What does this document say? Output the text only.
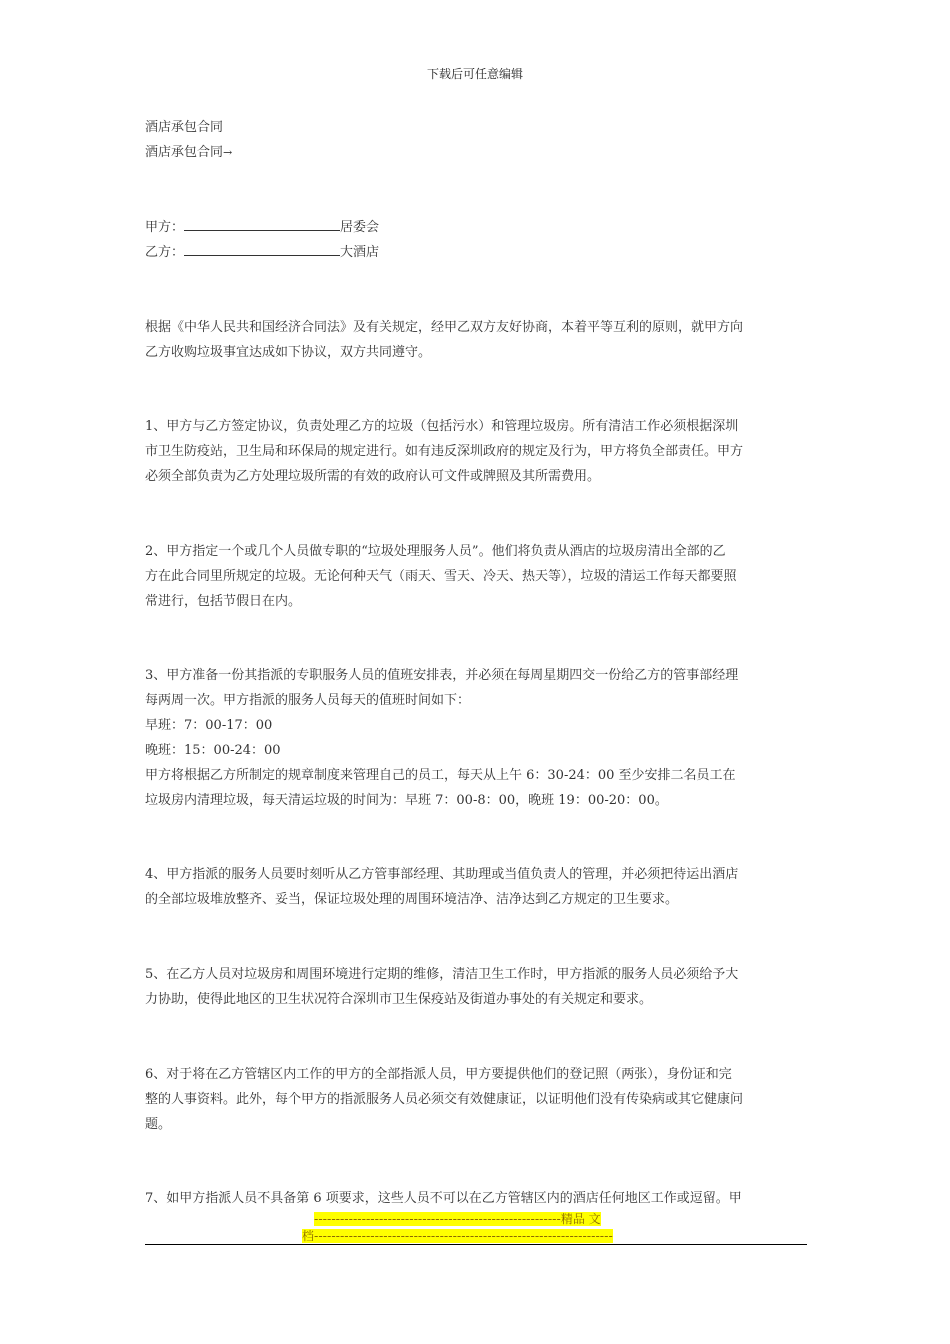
下载后可任意编辑
酒店承包合同
酒店承包合同→
甲方：	居委会
乙方：	大酒店
根据《中华人民共和国经济合同法》及有关规定，经甲乙双方友好协商，本着平等互利的原则，就甲方向
乙方收购垃圾事宜达成如下协议，双方共同遵守。
1、甲方与乙方签定协议，负责处理乙方的垃圾（包括污水）和管理垃圾房。所有清洁工作必须根据深圳
市卫生防疫站，卫生局和环保局的规定进行。如有违反深圳政府的规定及行为，甲方将负全部责任。甲方
必须全部负责为乙方处理垃圾所需的有效的政府认可文件或牌照及其所需费用。
2、甲方指定一个或几个人员做专职的“垃圾处理服务人员”。他们将负责从酒店的垃圾房清出全部的乙
方在此合同里所规定的垃圾。无论何种天气（雨天、雪天、冷天、热天等），垃圾的清运工作每天都要照
常进行，包括节假日在内。
3、甲方准备一份其指派的专职服务人员的值班安排表，并必须在每周星期四交一份给乙方的管事部经理
每两周一次。甲方指派的服务人员每天的值班时间如下：
早班：7：00-17：00
晚班：15：00-24：00
甲方将根据乙方所制定的规章制度来管理自己的员工，每天从上午 6：30-24：00 至少安排二名员工在
垃圾房内清理垃圾，每天清运垃圾的时间为：早班 7：00-8：00，晚班 19：00-20：00。
4、甲方指派的服务人员要时刻听从乙方管事部经理、其助理或当值负责人的管理，并必须把待运出酒店
的全部垃圾堆放整齐、妥当，保证垃圾处理的周围环境洁净、洁净达到乙方规定的卫生要求。
5、在乙方人员对垃圾房和周围环境进行定期的维修，清洁卫生工作时，甲方指派的服务人员必须给予大
力协助，使得此地区的卫生状况符合深圳市卫生保疫站及街道办事处的有关规定和要求。
6、对于将在乙方管辖区内工作的甲方的全部指派人员，甲方要提供他们的登记照（两张），身份证和完
整的人事资料。此外，每个甲方的指派服务人员必须交有效健康证，以证明他们没有传染病或其它健康问
题。
7、如甲方指派人员不具备第 6 项要求，这些人员不可以在乙方管辖区内的酒店任何地区工作或逗留。甲
---------------------------------------------------------精品 文
档---------------------------------------------------------------------
